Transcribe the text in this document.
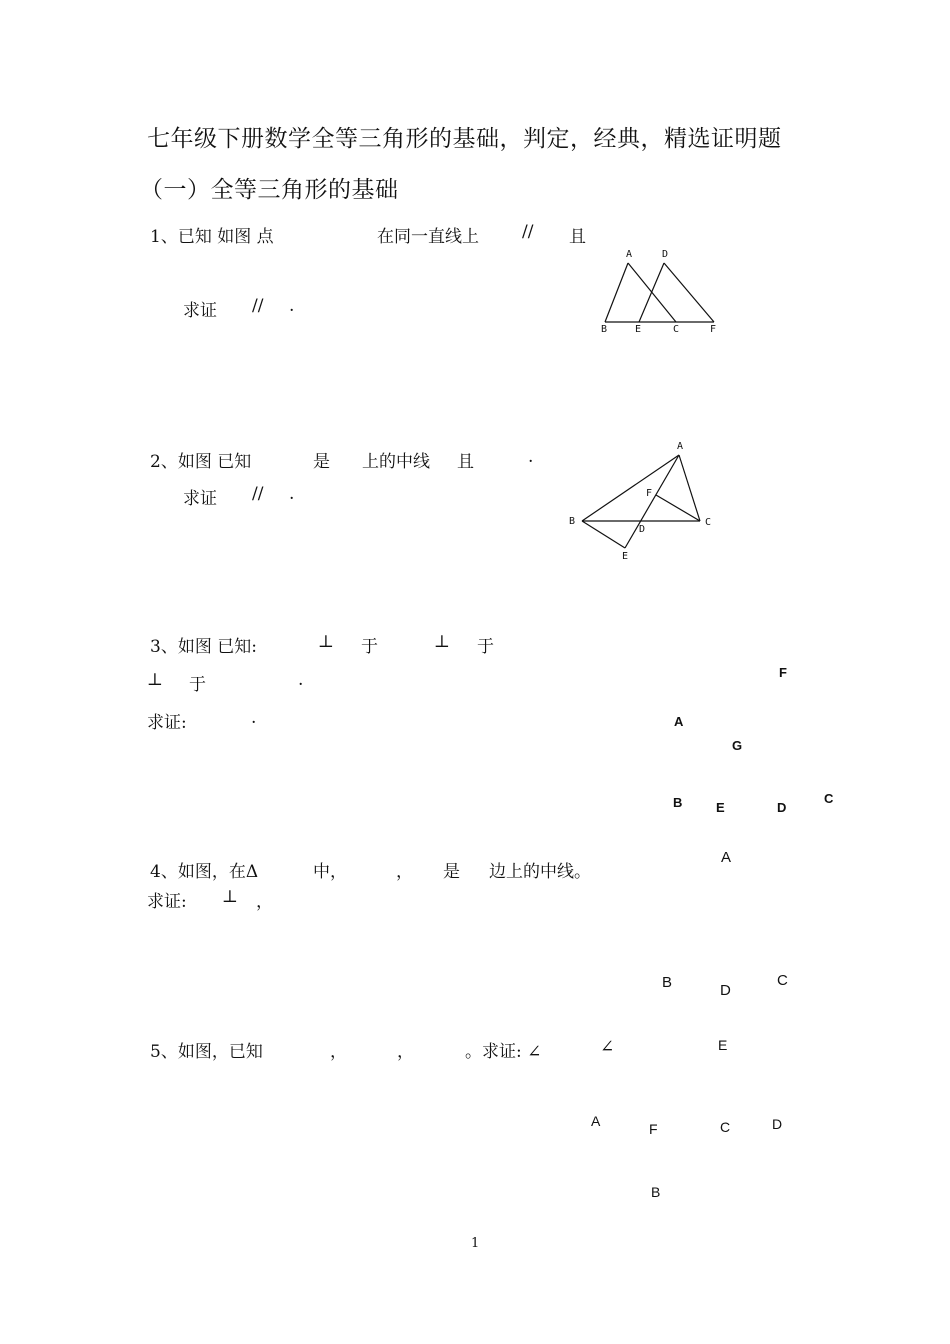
七年级下册数学全等三角形的基础，判定，经典，精选证明题
（一）全等三角形的基础
1、已知 如图 点	在同一直线上	// 且
求证 // .
A	D
B	E	C	F
2、如图 已知	是 上的中线 且	.
求证 // .
A
F
B
D
C
E
3、如图 已知:	⊥ 于	⊥ 于
⊥ 于	.
求证:	.
F
A
G
B	E	D
C
4、如图，在Δ	中，	， 是 边上的中线。
求证: ⊥ ，
A
B	D
C
5、如图，已知	，	，	。求证: ∠	∠	E
A	F	C	D
B
1
